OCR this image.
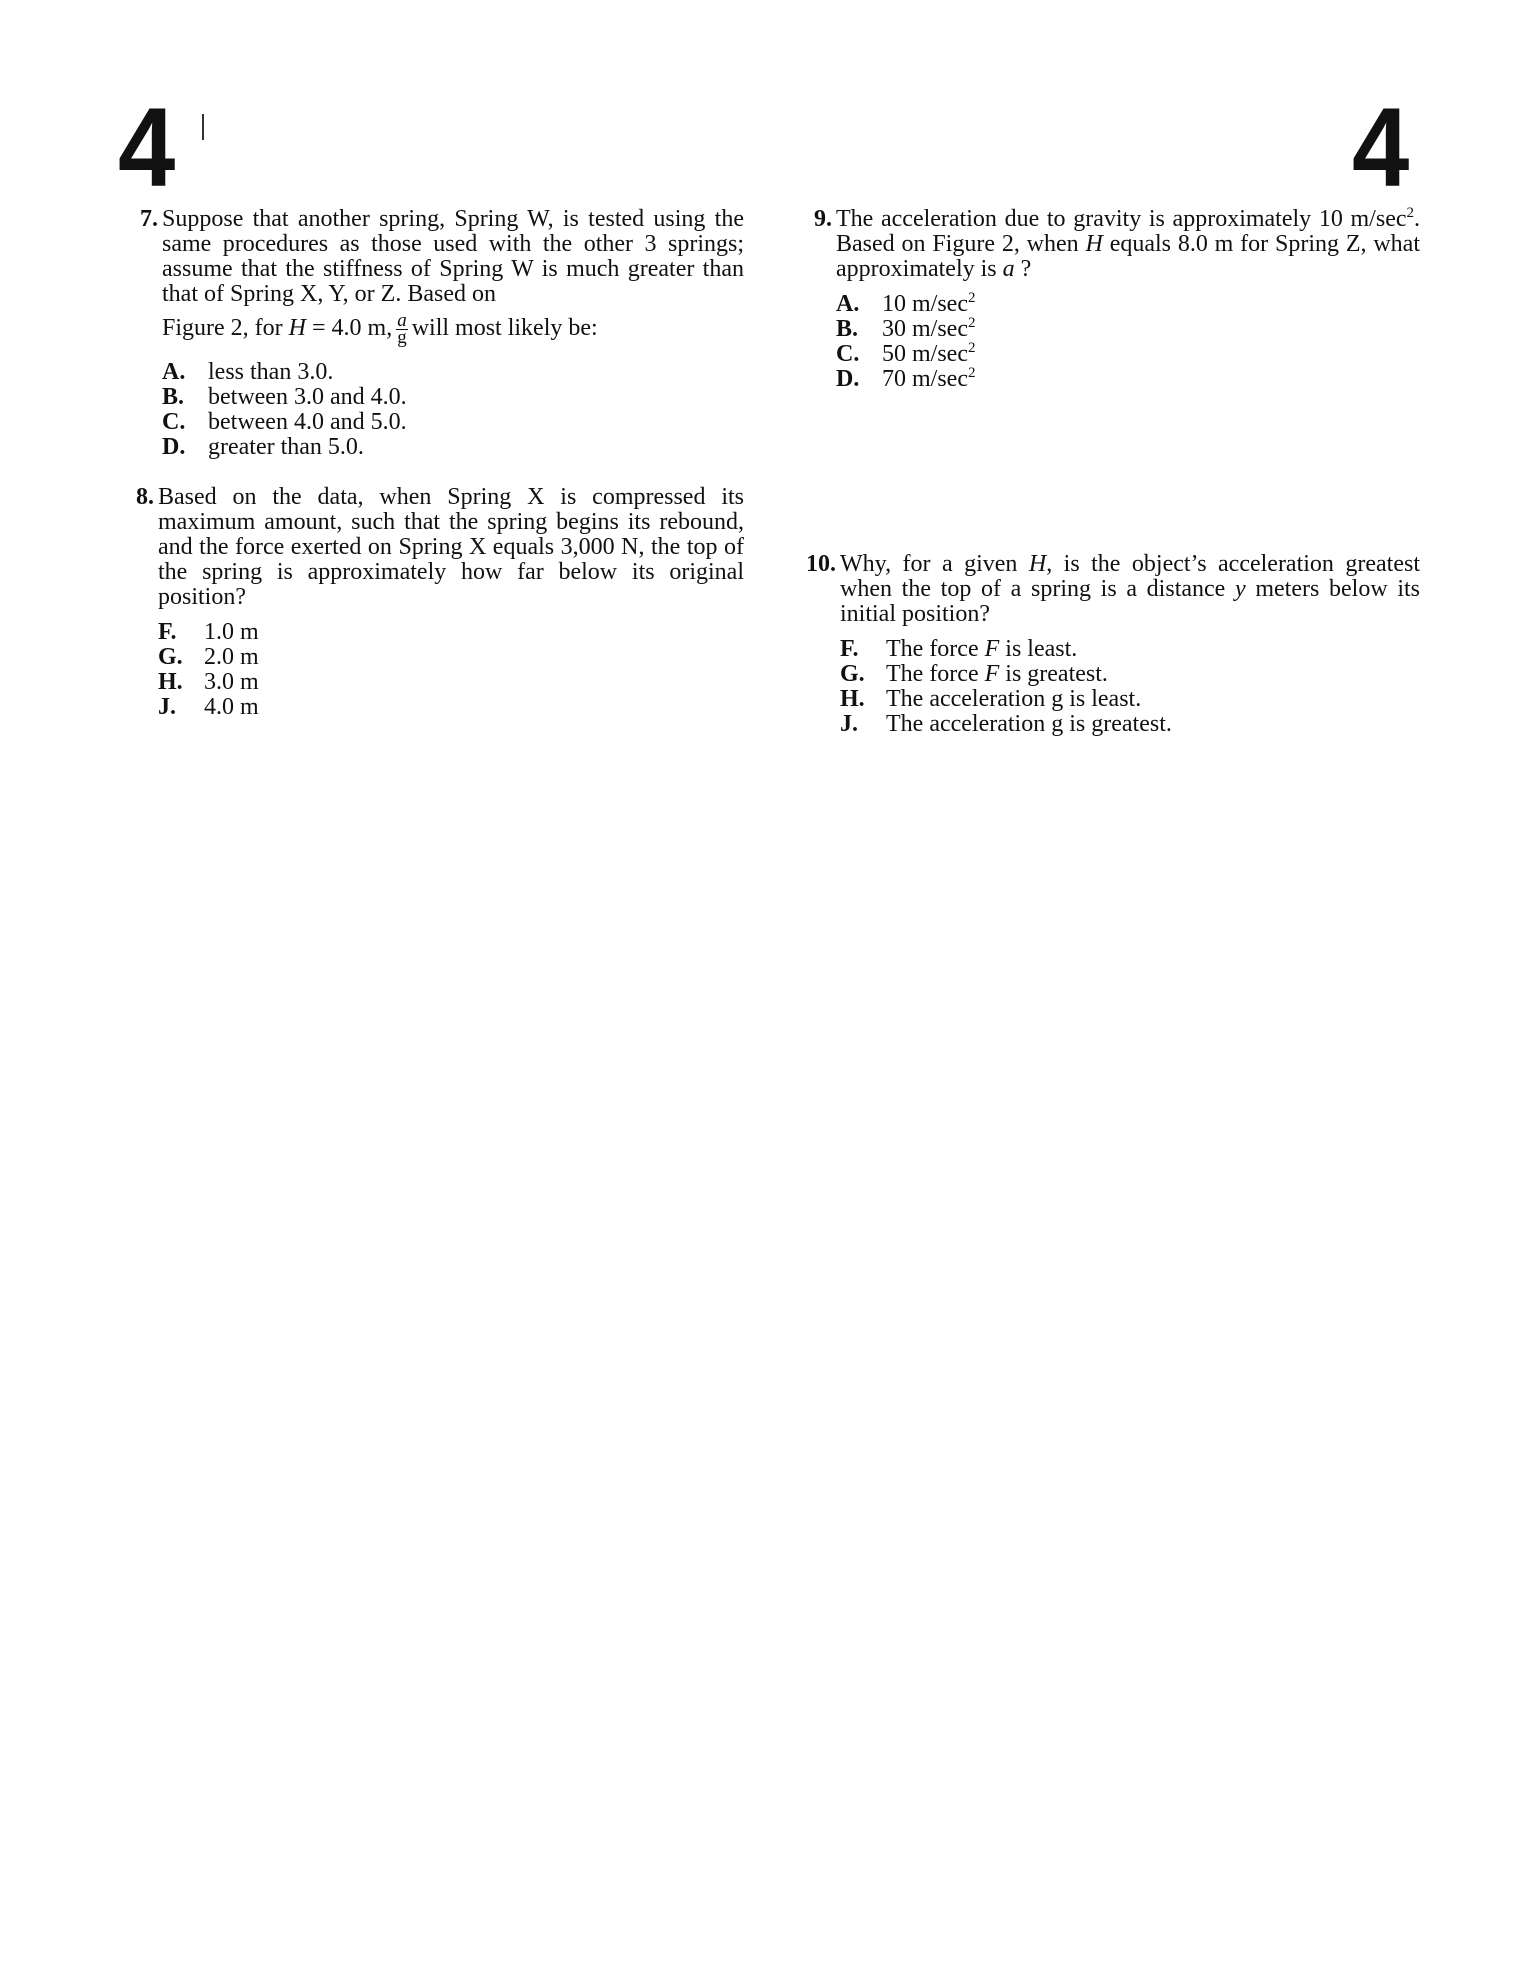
4	4
7. Suppose that another spring, Spring W, is tested using the same procedures as those used with the other 3 springs; assume that the stiffness of Spring W is much greater than that of Spring X, Y, or Z. Based on
Figure 2, for H = 4.0 m, $\frac{a}{g}$ will most likely be:
A. less than 3.0.
B. between 3.0 and 4.0.
C. between 4.0 and 5.0.
D. greater than 5.0.
8. Based on the data, when Spring X is compressed its maximum amount, such that the spring begins its rebound, and the force exerted on Spring X equals 3,000 N, the top of the spring is approximately how far below its original position?
F.	1.0 m
G. 2.0 m
H. 3.0 m
J.	4.0 m
9. The acceleration due to gravity is approximately 10 $m/\sec^2$. Based on Figure 2, when H equals 8.0 m for Spring Z, what approximately is a ?
A. 10 $m/\sec^2$
B. 30 $m/\sec^2$
C. 50 $m/\sec^2$
D. 70 $m/\sec^2$
10. Why, for a given H, is the object’s acceleration greatest when the top of a spring is a distance y meters below its initial position?
F.	The force F is least.
G. The force F is greatest.
H. The acceleration g is least.
J.	The acceleration g is greatest.
